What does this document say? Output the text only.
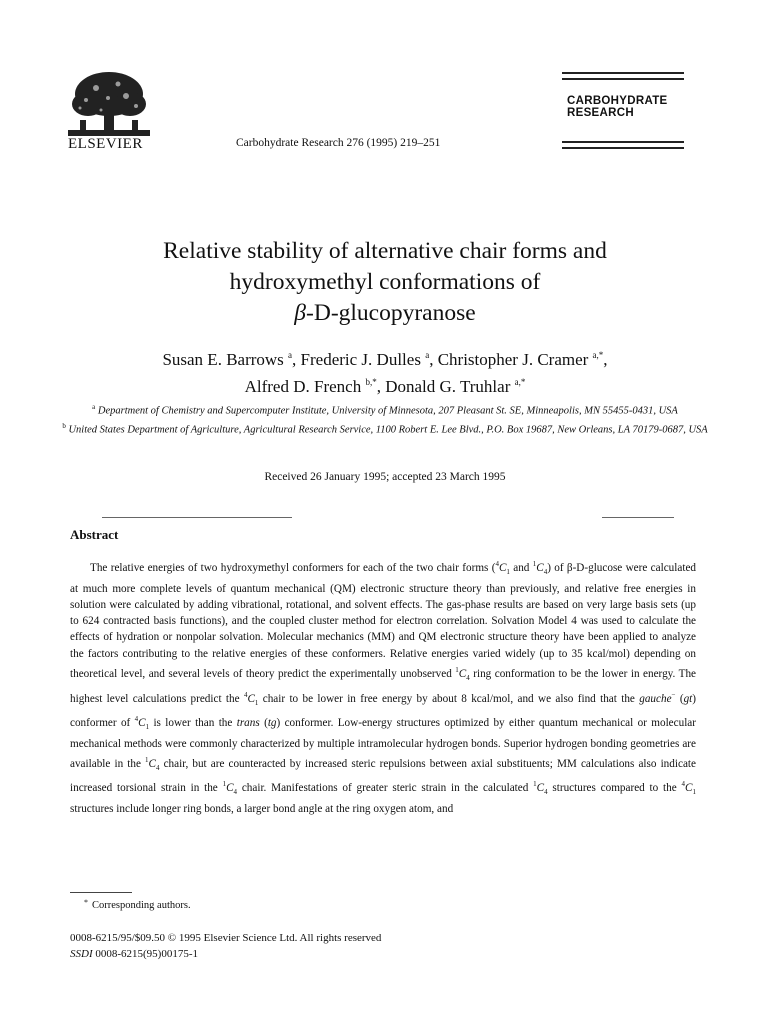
ELSEVIER	Carbohydrate Research 276 (1995) 219–251
CARBOHYDRATE
RESEARCH
Relative stability of alternative chair forms and
hydroxymethyl conformations of
β-D-glucopyranose
Susan E. Barrows $^a$, Frederic J. Dulles $^a$, Christopher J. Cramer $^{a,*}$,
Alfred D. French $^{b,*}$, Donald G. Truhlar $^{a,*}$
$^a$ Department of Chemistry and Supercomputer Institute, University of Minnesota, 207 Pleasant St. SE, Minneapolis, MN 55455-0431, USA
$^b$ United States Department of Agriculture, Agricultural Research Service, 1100 Robert E. Lee Blvd., P.O. Box 19687, New Orleans, LA 70179-0687, USA
Received 26 January 1995; accepted 23 March 1995
Abstract
The relative energies of two hydroxymethyl conformers for each of the two chair forms ($^4C_1$ and $^1C_4$) of β-D-glucose were calculated at much more complete levels of quantum mechanical (QM) electronic structure theory than previously, and relative free energies in solution were calculated by adding vibrational, rotational, and solvent effects. The gas-phase results are based on very large basis sets (up to 624 contracted basis functions), and the coupled cluster method for electron correlation. Solvation Model 4 was used to calculate the effects of hydration or nonpolar solvation. Molecular mechanics (MM) and QM electronic structure theory have been applied to analyze the factors contributing to the relative energies of these conformers. Relative energies varied widely (up to 35 kcal/mol) depending on theoretical level, and several levels of theory predict the experimentally unobserved $^1C_4$ ring conformation to be the lower in energy. The highest level calculations predict the $^4C_1$ chair to be lower in free energy by about 8 kcal/mol, and we also find that the gauche− (gt) conformer of $^4C_1$ is lower than the trans (tg) conformer. Low-energy structures optimized by either quantum mechanical or molecular mechanical methods were commonly characterized by multiple intramolecular hydrogen bonds. Superior hydrogen bonding geometries are available in the $^1C_4$ chair, but are counteracted by increased steric repulsions between axial substituents; MM calculations also indicate increased torsional strain in the $^1C_4$ chair. Manifestations of greater steric strain in the calculated $^1C_4$ structures compared to the $^4C_1$ structures include longer ring bonds, a larger bond angle at the ring oxygen atom, and
* Corresponding authors.
0008-6215/95/$09.50 © 1995 Elsevier Science Ltd. All rights reserved
SSDI 0008-6215(95)00175-1
